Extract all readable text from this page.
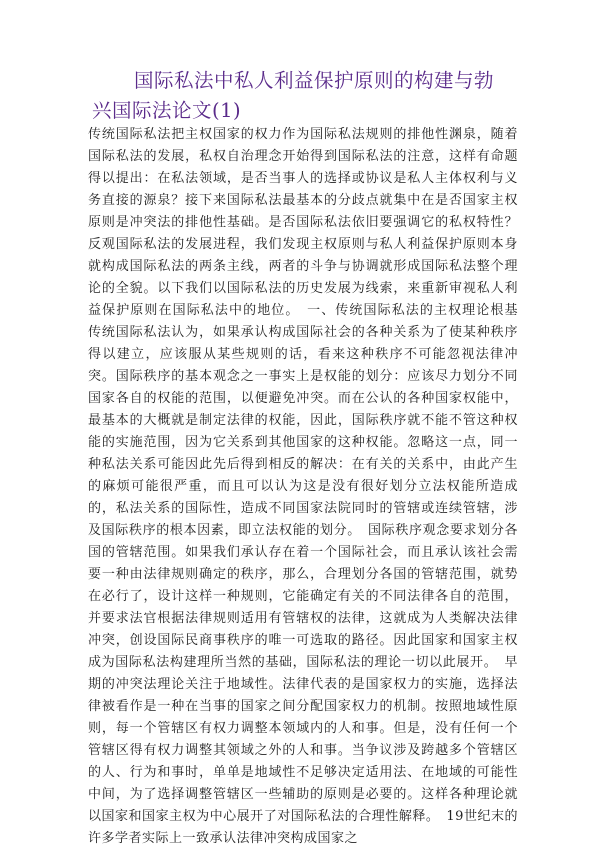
国际私法中私人利益保护原则的构建与勃兴国际法论文(1)

传统国际私法把主权国家的权力作为国际私法规则的排他性渊泉，随着国际私法的发展，私权自治理念开始得到国际私法的注意，这样有命题得以提出：在私法领域，是否当事人的选择或协议是私人主体权利与义务直接的源泉？接下来国际私法最基本的分歧点就集中在是否国家主权原则是冲突法的排他性基础。是否国际私法依旧要强调它的私权特性？反观国际私法的发展进程，我们发现主权原则与私人利益保护原则本身就构成国际私法的两条主线，两者的斗争与协调就形成国际私法整个理论的全貌。以下我们以国际私法的历史发展为线索，来重新审视私人利益保护原则在国际私法中的地位。　一、传统国际私法的主权理论根基　传统国际私法认为，如果承认构成国际社会的各种关系为了使某种秩序得以建立，应该服从某些规则的话，看来这种秩序不可能忽视法律冲突。国际秩序的基本观念之一事实上是权能的划分：应该尽力划分不同国家各自的权能的范围，以便避免冲突。而在公认的各种国家权能中，最基本的大概就是制定法律的权能，因此，国际秩序就不能不管这种权能的实施范围，因为它关系到其他国家的这种权能。忽略这一点，同一种私法关系可能因此先后得到相反的解决：在有关的关系中，由此产生的麻烦可能很严重，而且可以认为这是没有很好划分立法权能所造成的，私法关系的国际性，造成不同国家法院同时的管辖或连续管辖，涉及国际秩序的根本因素，即立法权能的划分。　国际秩序观念要求划分各国的管辖范围。如果我们承认存在着一个国际社会，而且承认该社会需要一种由法律规则确定的秩序，那么，合理划分各国的管辖范围，就势在必行了，设计这样一种规则，它能确定有关的不同法律各自的范围，并要求法官根据法律规则适用有管辖权的法律，这就成为人类解决法律冲突，创设国际民商事秩序的唯一可选取的路径。因此国家和国家主权成为国际私法构建理所当然的基础，国际私法的理论一切以此展开。　早期的冲突法理论关注于地域性。法律代表的是国家权力的实施，选择法律被看作是一种在当事的国家之间分配国家权力的机制。按照地域性原则，每一个管辖区有权力调整本领域内的人和事。但是，没有任何一个管辖区得有权力调整其领域之外的人和事。当争议涉及跨越多个管辖区的人、行为和事时，单单是地域性不足够决定适用法、在地域的可能性中间，为了选择调整管辖区一些辅助的原则是必要的。这样各种理论就以国家和国家主权为中心展开了对国际私法的合理性解释。　19世纪末的许多学者实际上一致承认法律冲突构成国家之
